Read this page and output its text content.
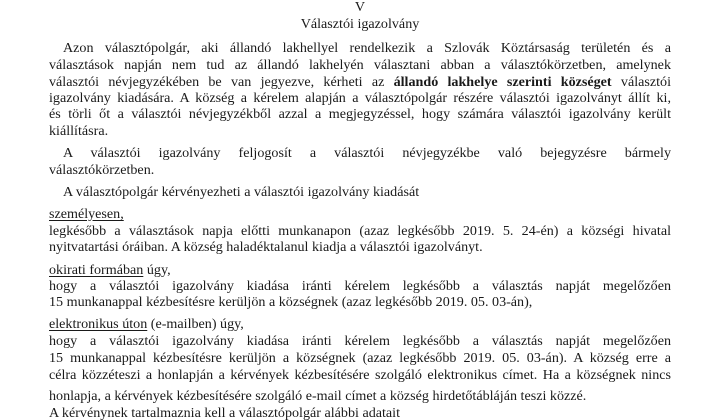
V
Választói igazolvány
Azon választópolgár, aki állandó lakhellyel rendelkezik a Szlovák Köztársaság területén és a
választások napján nem tud az állandó lakhelyén választani abban a választókörzetben, amelynek
választói névjegyzékében be van jegyezve, kérheti az állandó lakhelye szerinti községet választói
igazolvány kiadására. A község a kérelem alapján a választópolgár részére választói igazolványt állít ki,
és törli őt a választói névjegyzékből azzal a megjegyzéssel, hogy számára választói igazolvány került
kiállításra.
A választói igazolvány feljogosít a választói névjegyzékbe való bejegyzésre bármely
választókörzetben.
A választópolgár kérvényezheti a választói igazolvány kiadását
személyesen,
legkésőbb a választások napja előtti munkanapon (azaz legkésőbb 2019. 5. 24-én) a községi hivatal
nyitvatartási óráiban. A község haladéktalanul kiadja a választói igazolványt.
okirati formában úgy,
hogy a választói igazolvány kiadása iránti kérelem legkésőbb a választás napját megelőzően
15 munkanappal kézbesítésre kerüljön a községnek (azaz legkésőbb 2019. 05. 03-án),
elektronikus úton (e-mailben) úgy,
hogy a választói igazolvány kiadása iránti kérelem legkésőbb a választás napját megelőzően
15 munkanappal kézbesítésre kerüljön a községnek (azaz legkésőbb 2019. 05. 03-án). A község erre a
célra közzéteszi a honlapján a kérvények kézbesítésére szolgáló elektronikus címet. Ha a községnek nincs
honlapja, a kérvények kézbesítésére szolgáló e-mail címet a község hirdetőtábláján teszi közzé.
A kérvénynek tartalmaznia kell a választópolgár alábbi adatait
